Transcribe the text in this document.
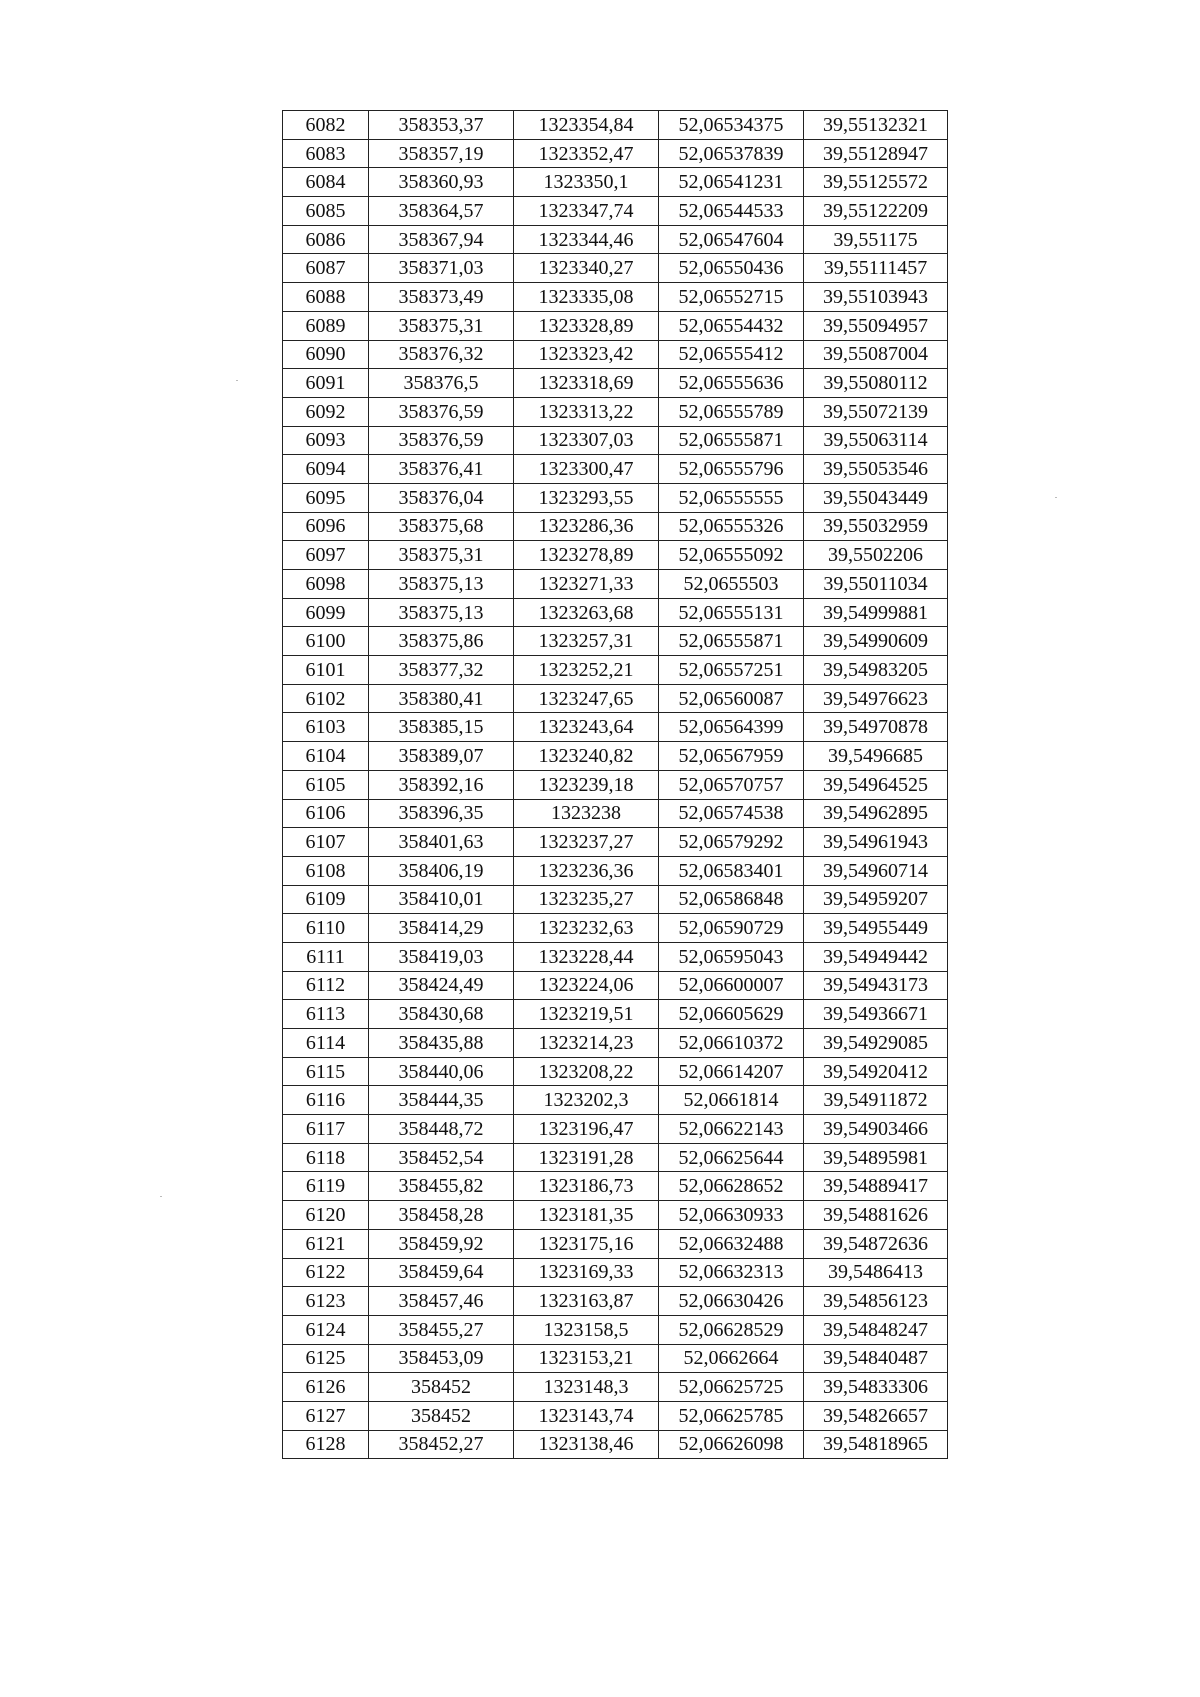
6082	358353,37	1323354,84	52,06534375	39,55132321
6083	358357,19	1323352,47	52,06537839	39,55128947
6084	358360,93	1323350,1	52,06541231	39,55125572
6085	358364,57	1323347,74	52,06544533	39,55122209
6086	358367,94	1323344,46	52,06547604	39,551175
6087	358371,03	1323340,27	52,06550436	39,55111457
6088	358373,49	1323335,08	52,06552715	39,55103943
6089	358375,31	1323328,89	52,06554432	39,55094957
6090	358376,32	1323323,42	52,06555412	39,55087004
6091	358376,5	1323318,69	52,06555636	39,55080112
6092	358376,59	1323313,22	52,06555789	39,55072139
6093	358376,59	1323307,03	52,06555871	39,55063114
6094	358376,41	1323300,47	52,06555796	39,55053546
6095	358376,04	1323293,55	52,06555555	39,55043449
6096	358375,68	1323286,36	52,06555326	39,55032959
6097	358375,31	1323278,89	52,06555092	39,5502206
6098	358375,13	1323271,33	52,0655503	39,55011034
6099	358375,13	1323263,68	52,06555131	39,54999881
6100	358375,86	1323257,31	52,06555871	39,54990609
6101	358377,32	1323252,21	52,06557251	39,54983205
6102	358380,41	1323247,65	52,06560087	39,54976623
6103	358385,15	1323243,64	52,06564399	39,54970878
6104	358389,07	1323240,82	52,06567959	39,5496685
6105	358392,16	1323239,18	52,06570757	39,54964525
6106	358396,35	1323238	52,06574538	39,54962895
6107	358401,63	1323237,27	52,06579292	39,54961943
6108	358406,19	1323236,36	52,06583401	39,54960714
6109	358410,01	1323235,27	52,06586848	39,54959207
6110	358414,29	1323232,63	52,06590729	39,54955449
6111	358419,03	1323228,44	52,06595043	39,54949442
6112	358424,49	1323224,06	52,06600007	39,54943173
6113	358430,68	1323219,51	52,06605629	39,54936671
6114	358435,88	1323214,23	52,06610372	39,54929085
6115	358440,06	1323208,22	52,06614207	39,54920412
6116	358444,35	1323202,3	52,0661814	39,54911872
6117	358448,72	1323196,47	52,06622143	39,54903466
6118	358452,54	1323191,28	52,06625644	39,54895981
6119	358455,82	1323186,73	52,06628652	39,54889417
6120	358458,28	1323181,35	52,06630933	39,54881626
6121	358459,92	1323175,16	52,06632488	39,54872636
6122	358459,64	1323169,33	52,06632313	39,5486413
6123	358457,46	1323163,87	52,06630426	39,54856123
6124	358455,27	1323158,5	52,06628529	39,54848247
6125	358453,09	1323153,21	52,0662664	39,54840487
6126	358452	1323148,3	52,06625725	39,54833306
6127	358452	1323143,74	52,06625785	39,54826657
6128	358452,27	1323138,46	52,06626098	39,54818965
